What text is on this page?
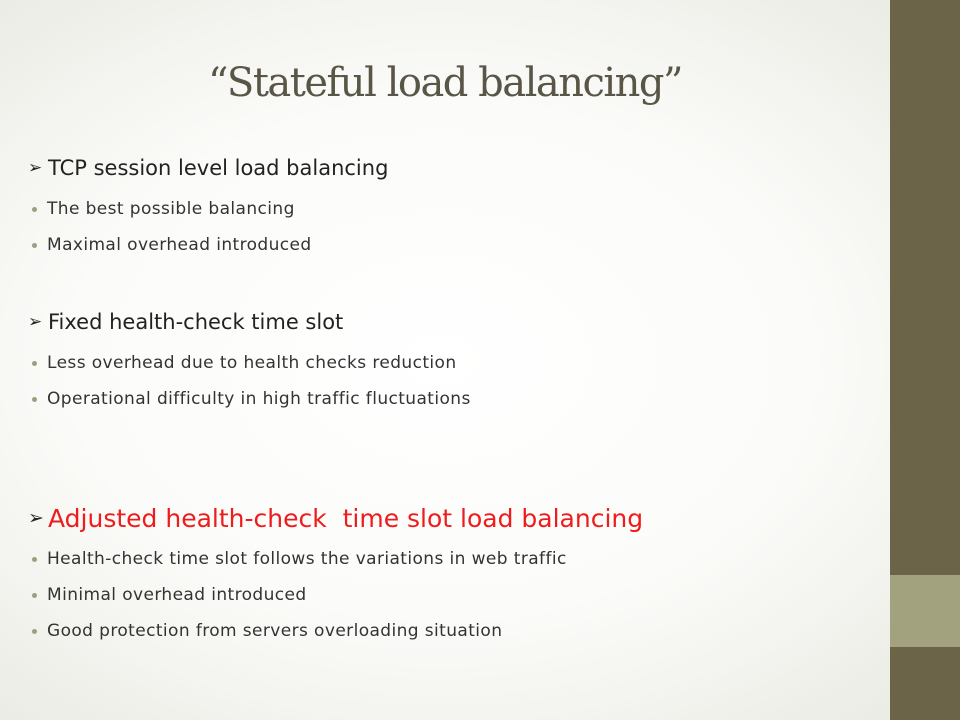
“Stateful load balancing”
➢ TCP session level load balancing
The best possible balancing
Maximal overhead introduced
➢ Fixed health-check time slot
Less overhead due to health checks reduction
Operational difficulty in high traffic fluctuations
➢ Adjusted health-check  time slot load balancing
Health-check time slot follows the variations in web traffic
Minimal overhead introduced
Good protection from servers overloading situation
